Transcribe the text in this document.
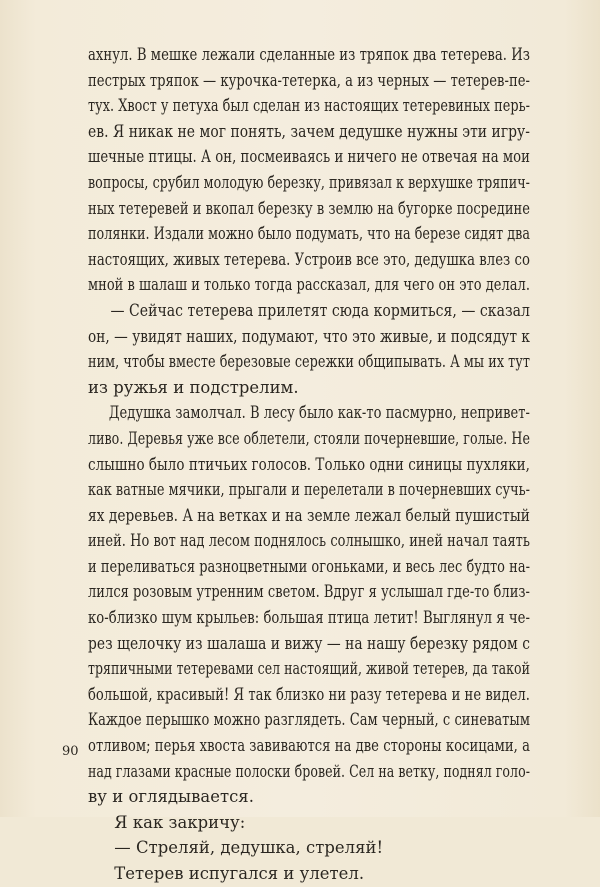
ахнул. В мешке лежали сделанные из тряпок два тетерева. Из
пестрых тряпок — курочка-тетерка, а из черных — тетерев-пе-
тух. Хвост у петуха был сделан из настоящих тетеревиных перь-
ев. Я никак не мог понять, зачем дедушке нужны эти игру-
шечные птицы. А он, посмеиваясь и ничего не отвечая на мои
вопросы, срубил молодую березку, привязал к верхушке тряпич-
ных тетеревей и вкопал березку в землю на бугорке посредине
полянки. Издали можно было подумать, что на березе сидят два
настоящих, живых тетерева. Устроив все это, дедушка влез со
мной в шалаш и только тогда рассказал, для чего он это делал.
— Сейчас тетерева прилетят сюда кормиться, — сказал
он, — увидят наших, подумают, что это живые, и подсядут к
ним, чтобы вместе березовые сережки общипывать. А мы их тут
из ружья и подстрелим.
Дедушка замолчал. В лесу было как-то пасмурно, непривет-
ливо. Деревья уже все облетели, стояли почерневшие, голые. Не
слышно было птичьих голосов. Только одни синицы пухляки,
как ватные мячики, прыгали и перелетали в почерневших сучь-
ях деревьев. А на ветках и на земле лежал белый пушистый
иней. Но вот над лесом поднялось солнышко, иней начал таять
и переливаться разноцветными огоньками, и весь лес будто на-
лился розовым утренним светом. Вдруг я услышал где-то близ-
ко-близко шум крыльев: большая птица летит! Выглянул я че-
рез щелочку из шалаша и вижу — на нашу березку рядом с
тряпичными тетеревами сел настоящий, живой тетерев, да такой
большой, красивый! Я так близко ни разу тетерева и не видел.
Каждое перышко можно разглядеть. Сам черный, с синеватым
отливом; перья хвоста завиваются на две стороны косицами, а
над глазами красные полоски бровей. Сел на ветку, поднял голо-
ву и оглядывается.
Я как закричу:
— Стреляй, дедушка, стреляй!
Тетерев испугался и улетел.
90
